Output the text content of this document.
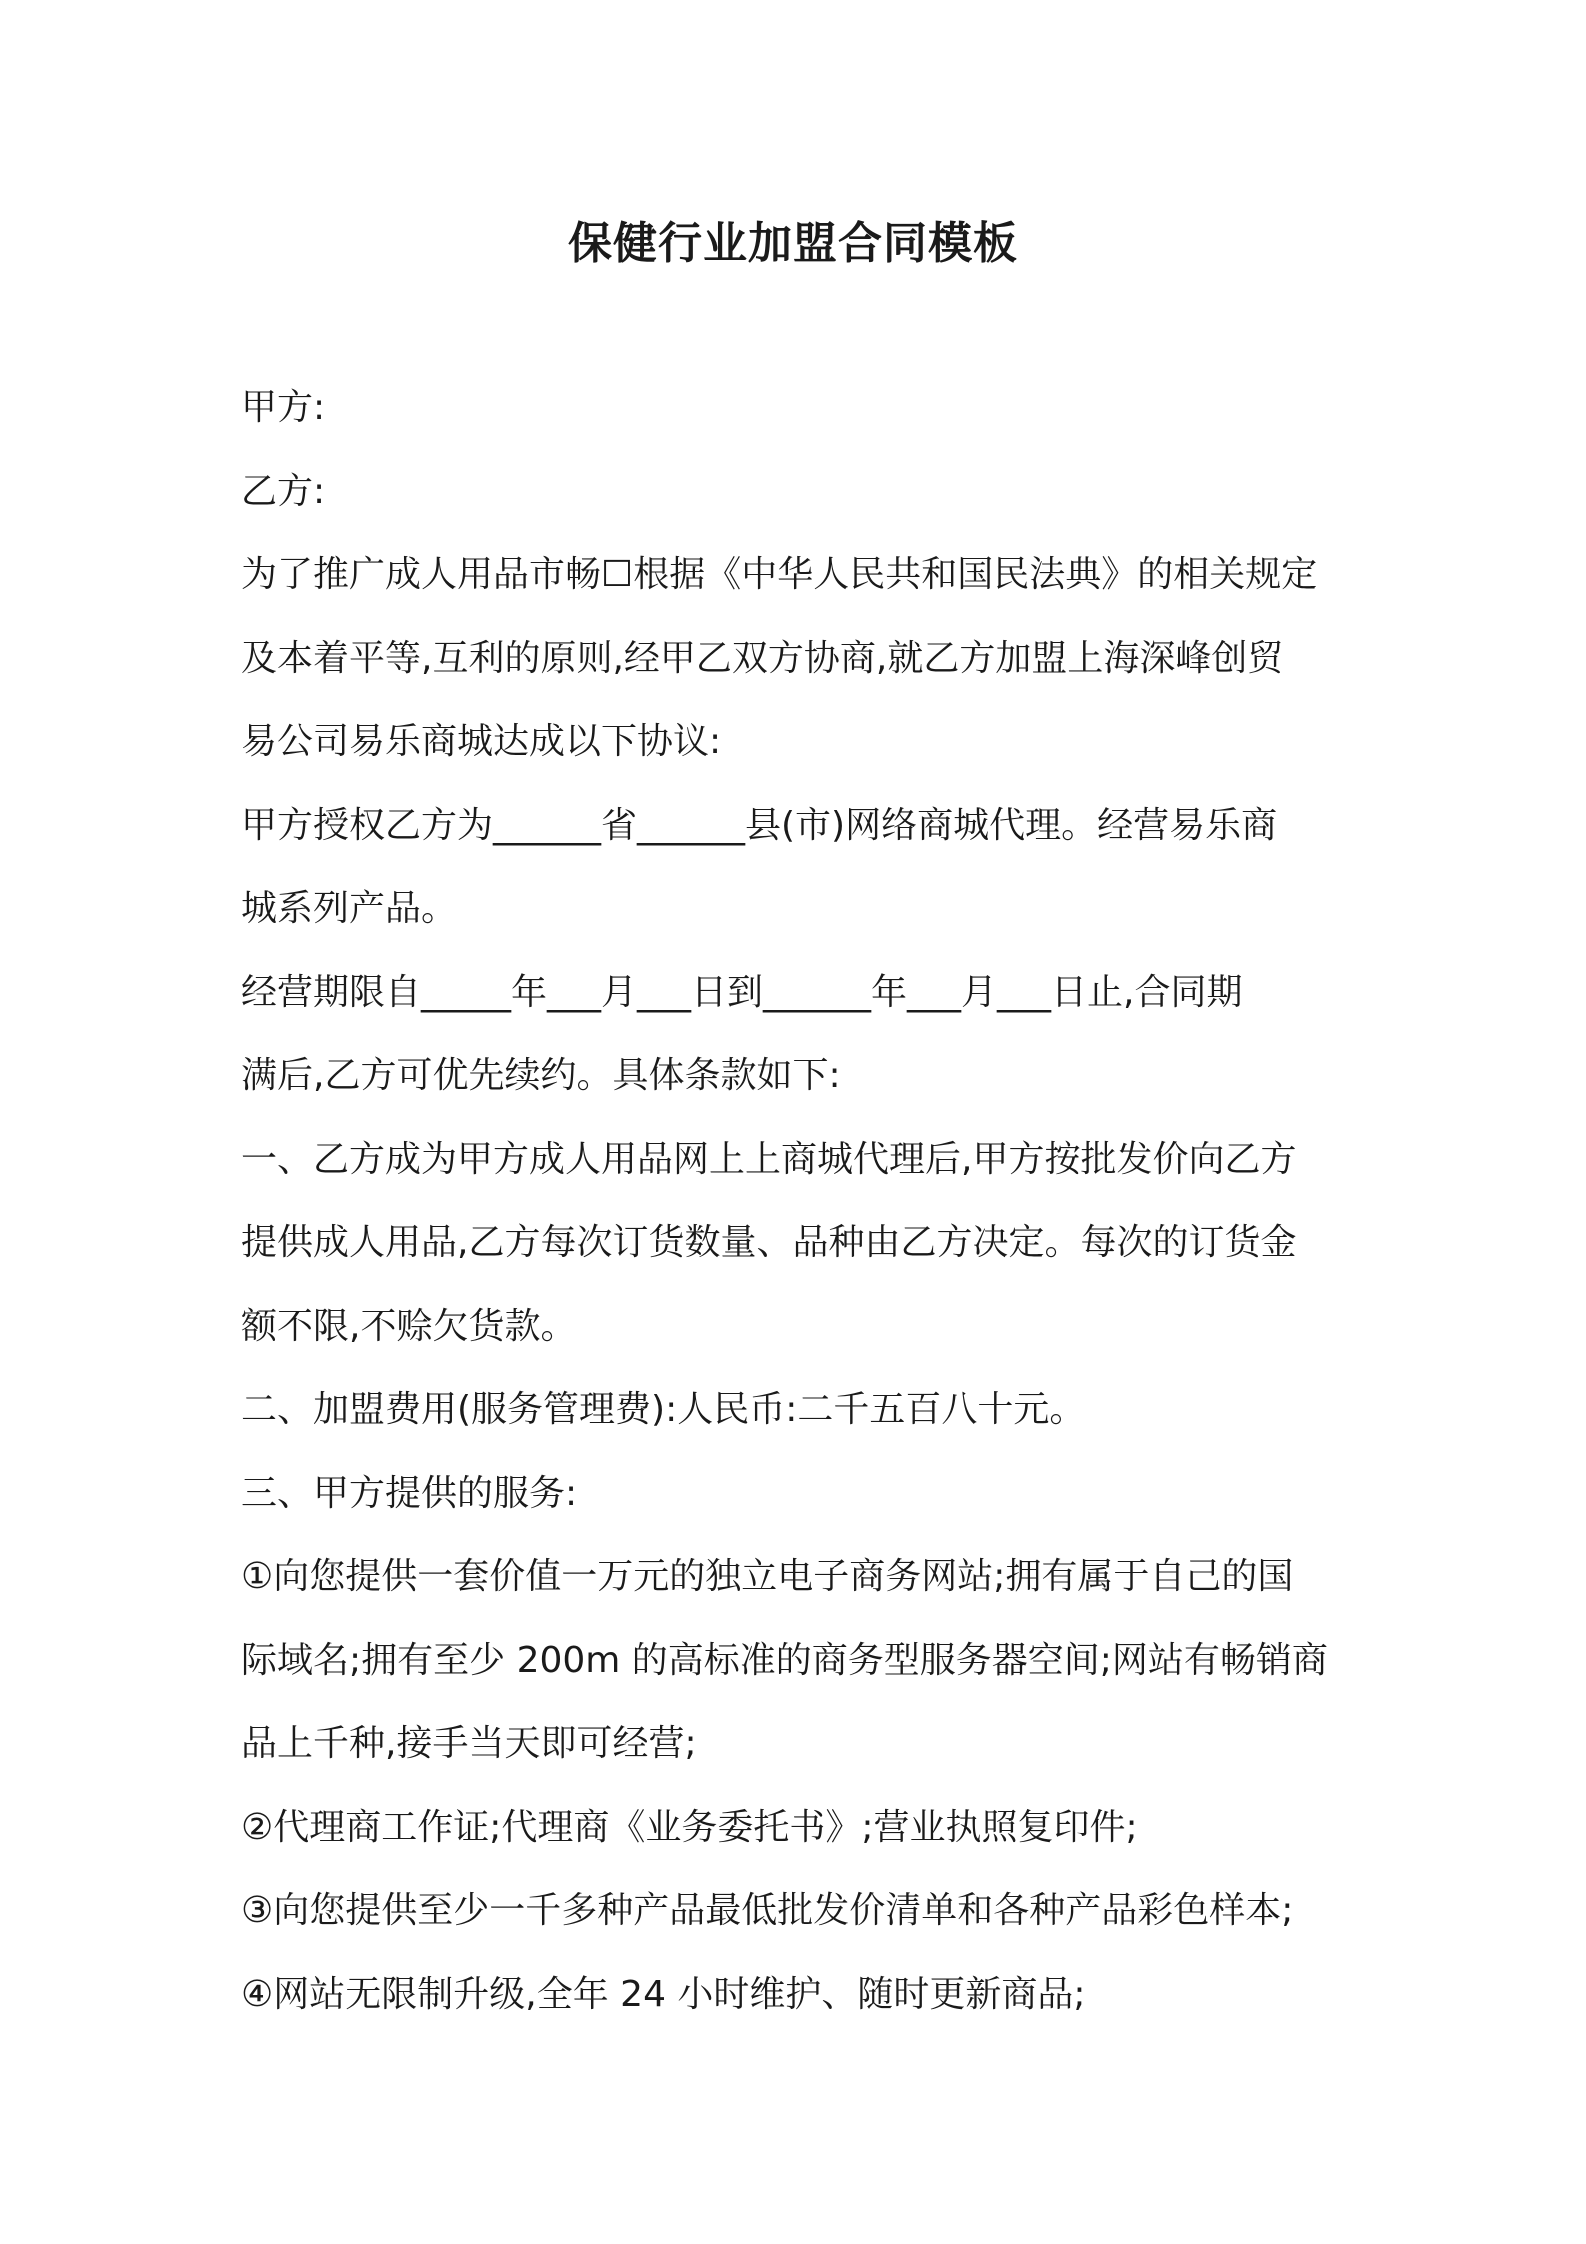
保健行业加盟合同模板
甲方:
乙方:
为了推广成人用品市畅☐根据《中华人民共和国民法典》的相关规定
及本着平等,互利的原则,经甲乙双方协商,就乙方加盟上海深峰创贸
易公司易乐商城达成以下协议:
甲方授权乙方为______省______县(市)网络商城代理。经营易乐商
城系列产品。
经营期限自_____年___月___日到______年___月___日止,合同期
满后,乙方可优先续约。具体条款如下:
一、乙方成为甲方成人用品网上上商城代理后,甲方按批发价向乙方
提供成人用品,乙方每次订货数量、品种由乙方决定。每次的订货金
额不限,不赊欠货款。
二、加盟费用(服务管理费):人民币:二千五百八十元。
三、甲方提供的服务:
①向您提供一套价值一万元的独立电子商务网站;拥有属于自己的国
际域名;拥有至少 200m 的高标准的商务型服务器空间;网站有畅销商
品上千种,接手当天即可经营;
②代理商工作证;代理商《业务委托书》;营业执照复印件;
③向您提供至少一千多种产品最低批发价清单和各种产品彩色样本;
④网站无限制升级,全年 24 小时维护、随时更新商品;
